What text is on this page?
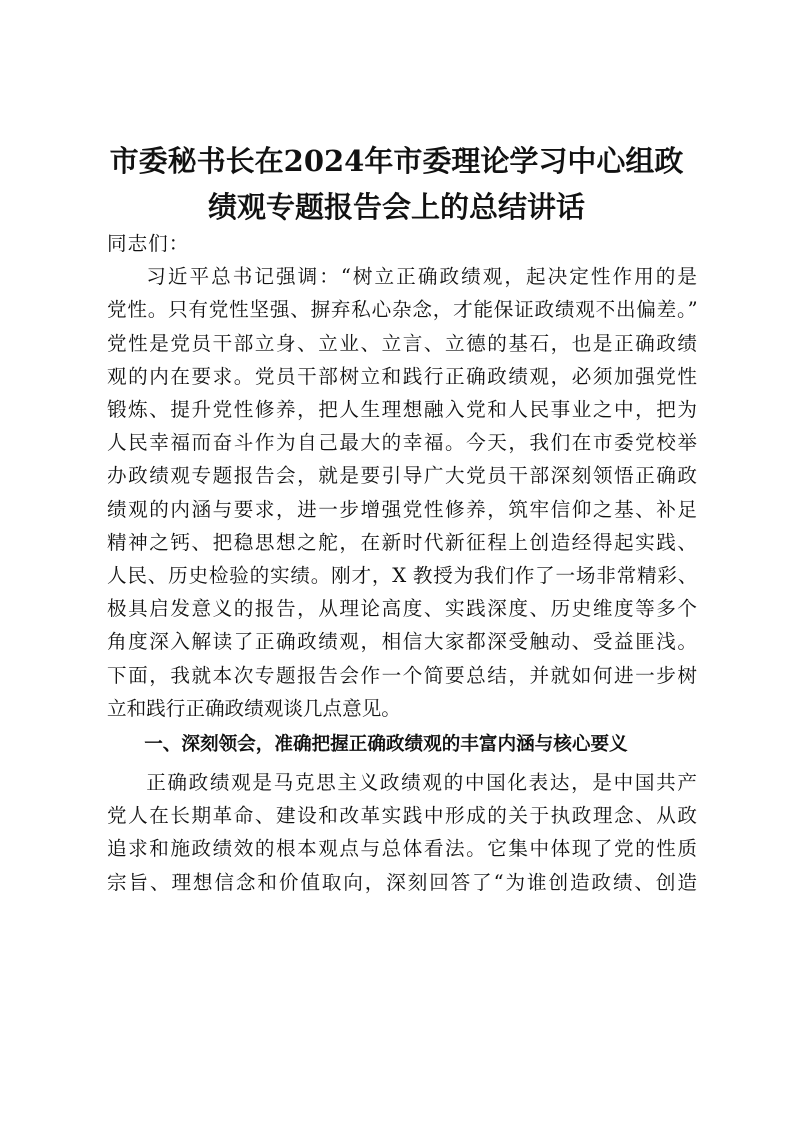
市委秘书长在2024年市委理论学习中心组政
绩观专题报告会上的总结讲话

同志们：

习近平总书记强调：“树立正确政绩观，起决定性作用的是
党性。只有党性坚强、摒弃私心杂念，才能保证政绩观不出偏差。”
党性是党员干部立身、立业、立言、立德的基石，也是正确政绩
观的内在要求。党员干部树立和践行正确政绩观，必须加强党性
锻炼、提升党性修养，把人生理想融入党和人民事业之中，把为
人民幸福而奋斗作为自己最大的幸福。今天，我们在市委党校举
办政绩观专题报告会，就是要引导广大党员干部深刻领悟正确政
绩观的内涵与要求，进一步增强党性修养，筑牢信仰之基、补足
精神之钙、把稳思想之舵，在新时代新征程上创造经得起实践、
人民、历史检验的实绩。刚才，X 教授为我们作了一场非常精彩、
极具启发意义的报告，从理论高度、实践深度、历史维度等多个
角度深入解读了正确政绩观，相信大家都深受触动、受益匪浅。
下面，我就本次专题报告会作一个简要总结，并就如何进一步树
立和践行正确政绩观谈几点意见。
一、深刻领会，准确把握正确政绩观的丰富内涵与核心要义
正确政绩观是马克思主义政绩观的中国化表达，是中国共产
党人在长期革命、建设和改革实践中形成的关于执政理念、从政
追求和施政绩效的根本观点与总体看法。它集中体现了党的性质
宗旨、理想信念和价值取向，深刻回答了“为谁创造政绩、创造
